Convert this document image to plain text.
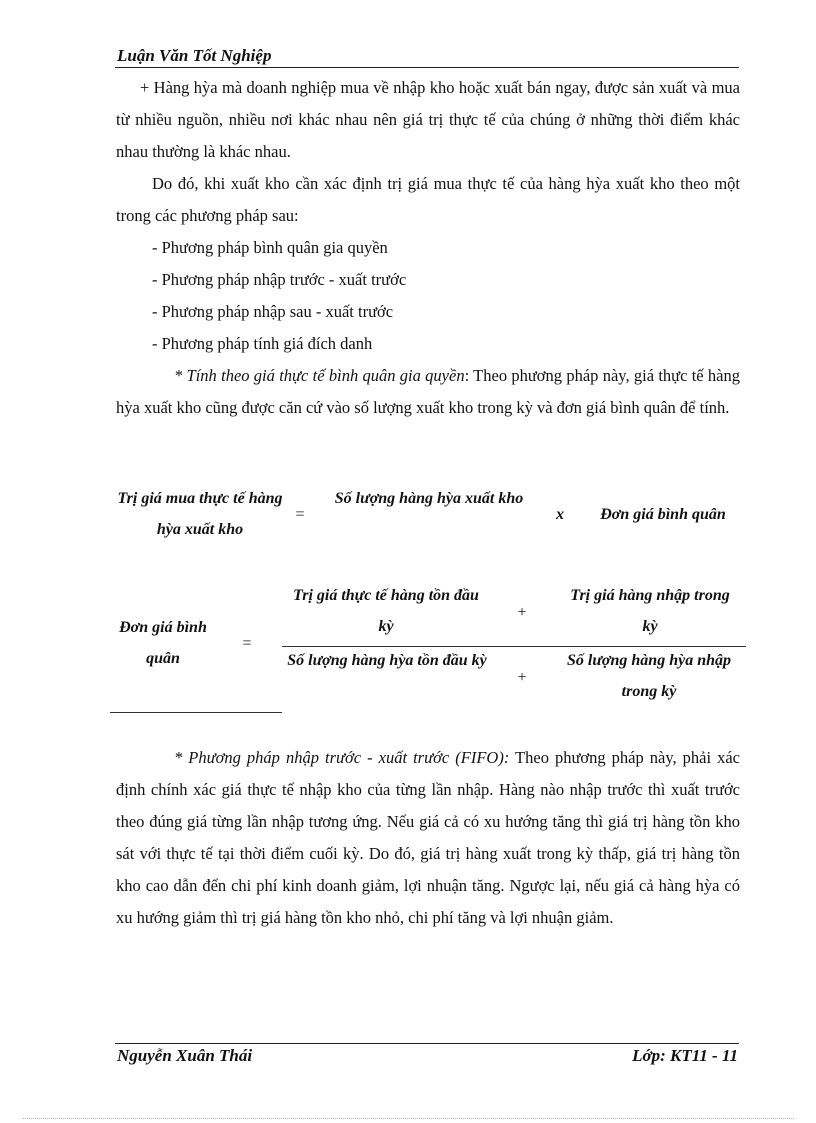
Luận Văn Tốt Nghiệp
+ Hàng hỳa mà doanh nghiệp mua về nhập kho hoặc xuất bán ngay, được sản xuất và mua từ nhiều nguồn, nhiều nơi khác nhau nên giá trị thực tế của chúng ở những thời điểm khác nhau thường là khác nhau.
Do đó, khi xuất kho cần xác định trị giá mua thực tế của hàng hỳa xuất kho theo một trong các phương pháp sau:
- Phương pháp bình quân gia quyền
- Phương pháp nhập trước - xuất trước
- Phương pháp nhập sau - xuất trước
- Phương pháp tính giá đích danh
* Tính theo giá thực tế bình quân gia quyền: Theo phương pháp này, giá thực tế hàng hỳa xuất kho cũng được căn cứ vào số lượng xuất kho trong kỳ và đơn giá bình quân để tính.
Trị giá mua thực tế hàng hỳa xuất kho
=
Số lượng hàng hỳa xuất kho
x	Đơn giá bình quân
Đơn giá bình quân
=
Trị giá thực tế hàng tồn đầu kỳ
+
Trị giá hàng nhập trong kỳ
Số lượng hàng hỳa tồn đầu kỳ
+
Số lượng hàng hỳa nhập trong kỳ
* Phương pháp nhập trước - xuất trước (FIFO): Theo phương pháp này, phải xác định chính xác giá thực tế nhập kho của từng lần nhập. Hàng nào nhập trước thì xuất trước theo đúng giá từng lần nhập tương ứng. Nếu giá cả có xu hướng tăng thì giá trị hàng tồn kho sát với thực tế tại thời điểm cuối kỳ. Do đó, giá trị hàng xuất trong kỳ thấp, giá trị hàng tồn kho cao dẫn đến chi phí kinh doanh giảm, lợi nhuận tăng. Ngược lại, nếu giá cả hàng hỳa có xu hướng giảm thì trị giá hàng tồn kho nhỏ, chi phí tăng và lợi nhuận giảm.
Nguyễn Xuân Thái	Lớp: KT11 - 11
